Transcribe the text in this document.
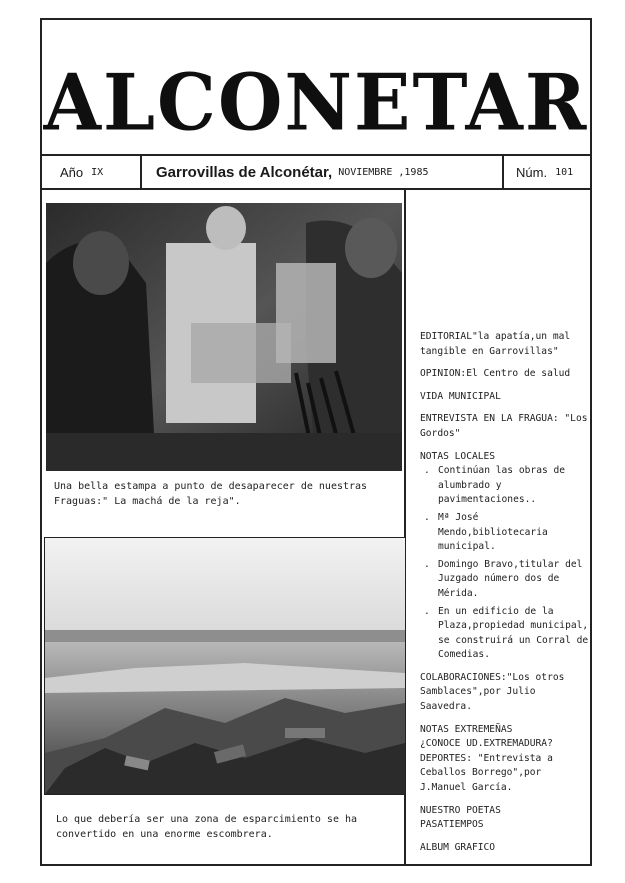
ALCONETAR
Año IX	Garrovillas de Alconétar, NOVIEMBRE ,1985	Núm. 101
Una bella estampa a punto de desaparecer de nuestras Fraguas:" La machá de la reja".
Lo que debería ser una zona de esparcimiento se ha convertido en una enorme escombrera.
EDITORIAL"la apatía,un mal tangible en Garrovillas"
OPINION:El Centro de salud
VIDA MUNICIPAL
ENTREVISTA EN LA FRAGUA: "Los Gordos"
NOTAS LOCALES
. Continúan las obras de alumbrado y pavimentaciones..
. Mª José Mendo,bibliotecaria municipal.
. Domingo Bravo,titular del Juzgado número dos de Mérida.
. En un edificio de la Plaza,propiedad municipal, se construirá un Corral de Comedias.
COLABORACIONES:"Los otros Samblaces",por Julio Saavedra.
NOTAS EXTREMEÑAS
¿CONOCE UD.EXTREMADURA?
DEPORTES: "Entrevista a Ceballos Borrego",por J.Manuel García.
NUESTRO POETAS
PASATIEMPOS
ALBUM GRAFICO
